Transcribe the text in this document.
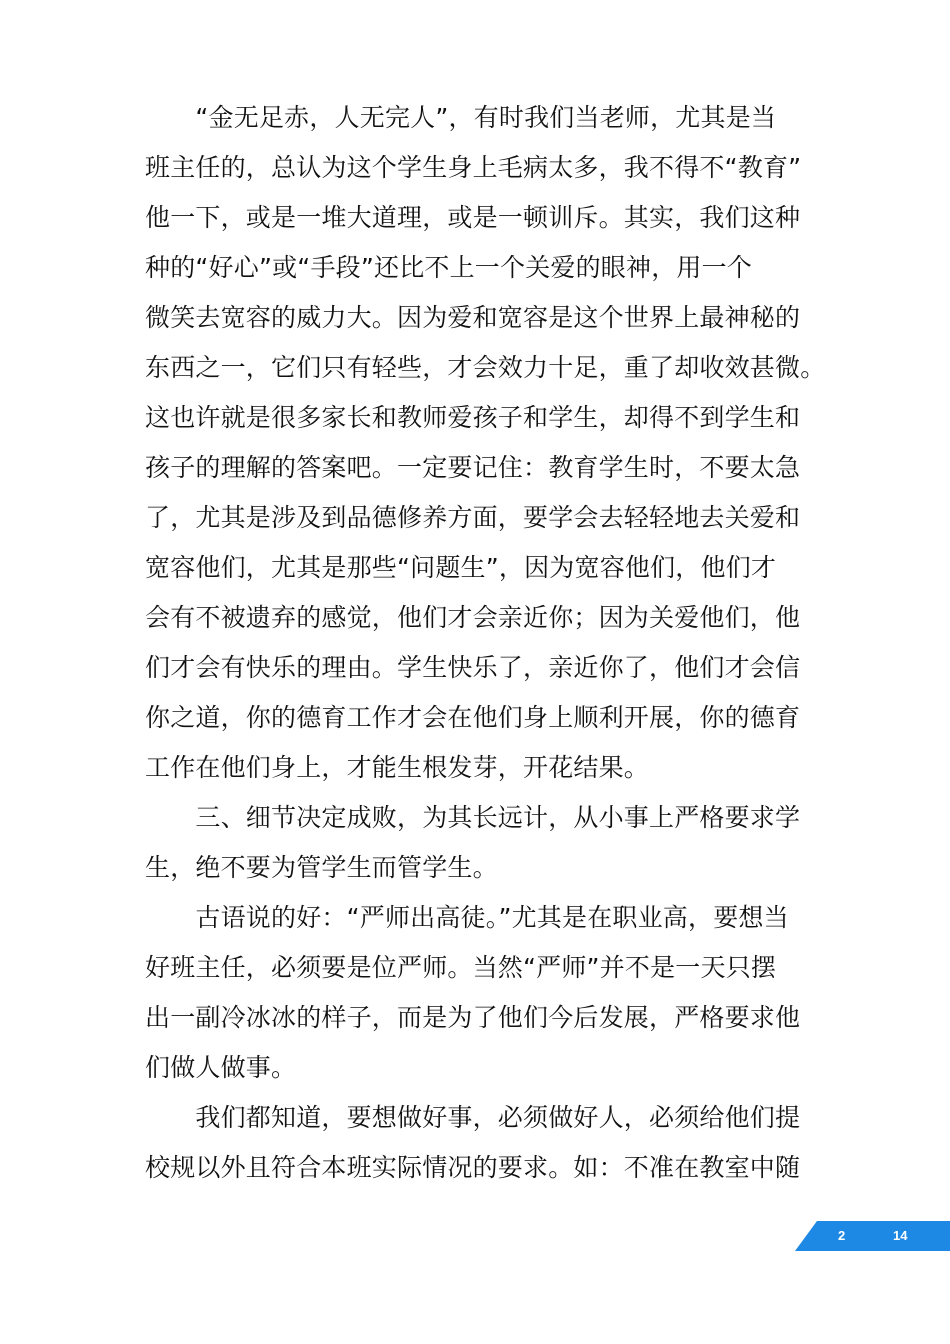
　　“金无足赤，人无完人”，有时我们当老师，尤其是当
班主任的，总认为这个学生身上毛病太多，我不得不“教育”
他一下，或是一堆大道理，或是一顿训斥。其实，我们这种
种的“好心”或“手段”还比不上一个关爱的眼神，用一个
微笑去宽容的威力大。因为爱和宽容是这个世界上最神秘的
东西之一，它们只有轻些，才会效力十足，重了却收效甚微。
这也许就是很多家长和教师爱孩子和学生，却得不到学生和
孩子的理解的答案吧。一定要记住：教育学生时，不要太急
了，尤其是涉及到品德修养方面，要学会去轻轻地去关爱和
宽容他们，尤其是那些“问题生”，因为宽容他们，他们才
会有不被遗弃的感觉，他们才会亲近你；因为关爱他们，他
们才会有快乐的理由。学生快乐了，亲近你了，他们才会信
你之道，你的德育工作才会在他们身上顺利开展，你的德育
工作在他们身上，才能生根发芽，开花结果。
　　三、细节决定成败，为其长远计，从小事上严格要求学
生，绝不要为管学生而管学生。
　　古语说的好：“严师出高徒。”尤其是在职业高，要想当
好班主任，必须要是位严师。当然“严师”并不是一天只摆
出一副冷冰冰的样子，而是为了他们今后发展，严格要求他
们做人做事。
　　我们都知道，要想做好事，必须做好人，必须给他们提
校规以外且符合本班实际情况的要求。如：不准在教室中随
2	14
